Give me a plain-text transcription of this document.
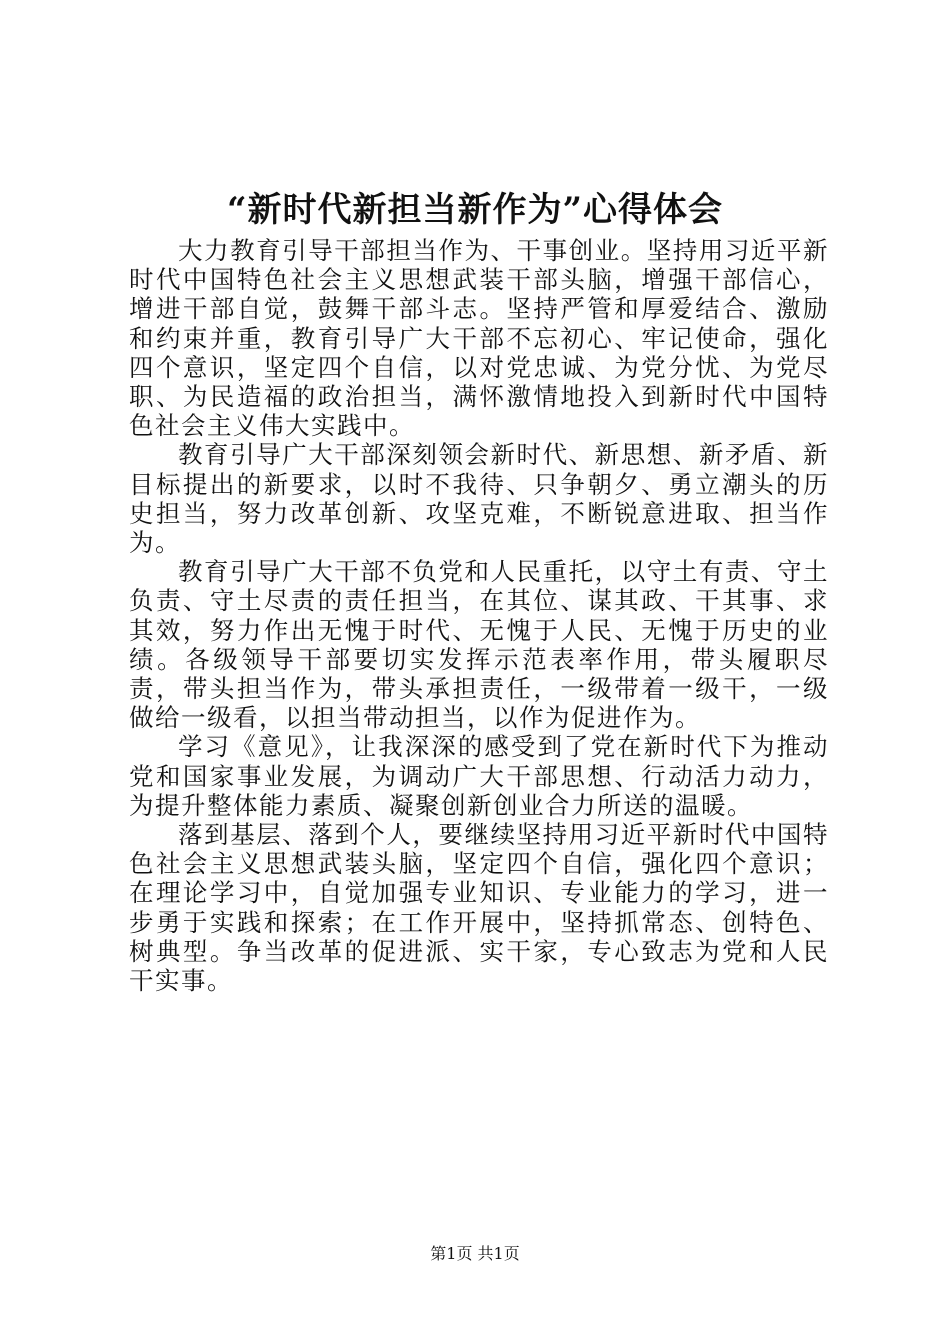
“新时代新担当新作为”心得体会

大力教育引导干部担当作为、干事创业。坚持用习近平新时代中国特色社会主义思想武装干部头脑，增强干部信心，增进干部自觉，鼓舞干部斗志。坚持严管和厚爱结合、激励和约束并重，教育引导广大干部不忘初心、牢记使命，强化四个意识，坚定四个自信，以对党忠诚、为党分忧、为党尽职、为民造福的政治担当，满怀激情地投入到新时代中国特色社会主义伟大实践中。

教育引导广大干部深刻领会新时代、新思想、新矛盾、新目标提出的新要求，以时不我待、只争朝夕、勇立潮头的历史担当，努力改革创新、攻坚克难，不断锐意进取、担当作为。

教育引导广大干部不负党和人民重托，以守土有责、守土负责、守土尽责的责任担当，在其位、谋其政、干其事、求其效，努力作出无愧于时代、无愧于人民、无愧于历史的业绩。各级领导干部要切实发挥示范表率作用，带头履职尽责，带头担当作为，带头承担责任，一级带着一级干，一级做给一级看，以担当带动担当，以作为促进作为。

学习《意见》，让我深深的感受到了党在新时代下为推动党和国家事业发展，为调动广大干部思想、行动活力动力，为提升整体能力素质、凝聚创新创业合力所送的温暖。

落到基层、落到个人，要继续坚持用习近平新时代中国特色社会主义思想武装头脑，坚定四个自信，强化四个意识；在理论学习中，自觉加强专业知识、专业能力的学习，进一步勇于实践和探索；在工作开展中，坚持抓常态、创特色、树典型。争当改革的促进派、实干家，专心致志为党和人民干实事。

第1页 共1页
